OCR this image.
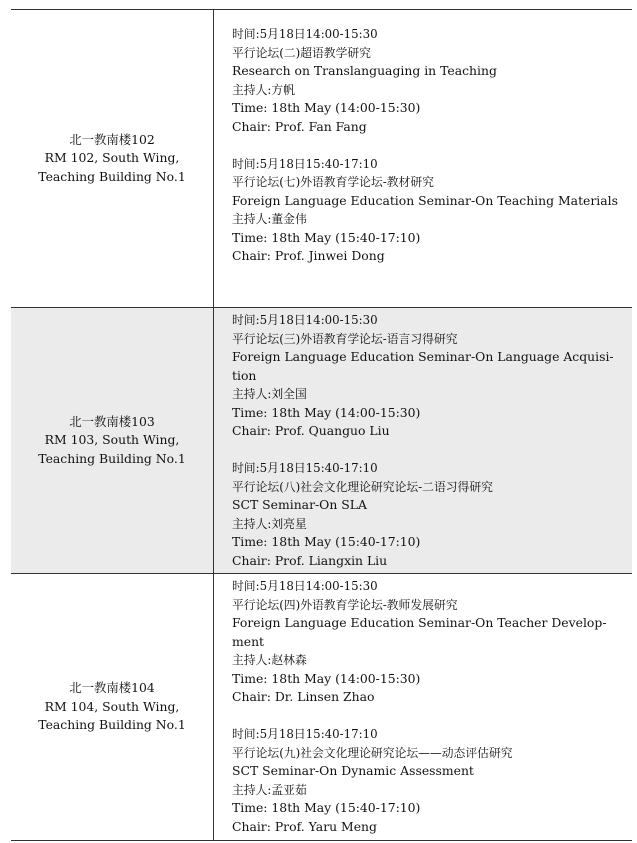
北一教南楼102
RM 102, South Wing,
Teaching Building No.1
时间:5月18日14:00-15:30
平行论坛(二)超语教学研究
Research on Translanguaging in Teaching
主持人:方帆
Time: 18th May (14:00-15:30)
Chair: Prof. Fan Fang
时间:5月18日15:40-17:10
平行论坛(七)外语教育学论坛-教材研究
Foreign Language Education Seminar-On Teaching Materials
主持人:董金伟
Time: 18th May (15:40-17:10)
Chair: Prof. Jinwei Dong
北一教南楼103
RM 103, South Wing,
Teaching Building No.1
时间:5月18日14:00-15:30
平行论坛(三)外语教育学论坛-语言习得研究
Foreign Language Education Seminar-On Language Acquisi-
tion
主持人:刘全国
Time: 18th May (14:00-15:30)
Chair: Prof. Quanguo Liu
时间:5月18日15:40-17:10
平行论坛(八)社会文化理论研究论坛-二语习得研究
SCT Seminar-On SLA
主持人:刘亮星
Time: 18th May (15:40-17:10)
Chair: Prof. Liangxin Liu
北一教南楼104
RM 104, South Wing,
Teaching Building No.1
时间:5月18日14:00-15:30
平行论坛(四)外语教育学论坛-教师发展研究
Foreign Language Education Seminar-On Teacher Develop-
ment
主持人:赵林森
Time: 18th May (14:00-15:30)
Chair: Dr. Linsen Zhao
时间:5月18日15:40-17:10
平行论坛(九)社会文化理论研究论坛——动态评估研究
SCT Seminar-On Dynamic Assessment
主持人:孟亚茹
Time: 18th May (15:40-17:10)
Chair: Prof. Yaru Meng
